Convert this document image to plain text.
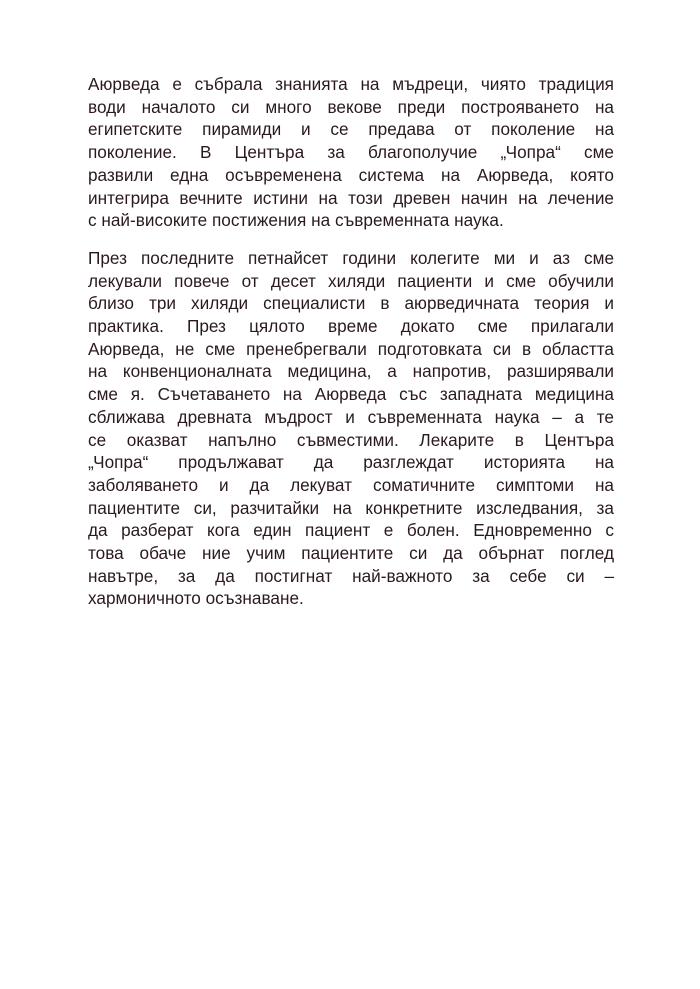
Аюрведа е събрала знанията на мъдреци, чиято традиция
води началото си много векове преди построяването на
египетските пирамиди и се предава от поколение на
поколение. В Центъра за благополучие „Чопра“ сме
развили една осъвременена система на Аюрведа, която
интегрира вечните истини на този древен начин на лечение
с най-високите постижения на съвременната наука.

През последните петнайсет години колегите ми и аз сме
лекували повече от десет хиляди пациенти и сме обучили
близо три хиляди специалисти в аюрведичната теория и
практика. През цялото време докато сме прилагали
Аюрведа, не сме пренебрегвали подготовката си в областта
на конвенционалната медицина, а напротив, разширявали
сме я. Съчетаването на Аюрведа със западната медицина
сближава древната мъдрост и съвременната наука – а те
се оказват напълно съвместими. Лекарите в Центъра
„Чопра“ продължават да разглеждат историята на
заболяването и да лекуват соматичните симптоми на
пациентите си, разчитайки на конкретните изследвания, за
да разберат кога един пациент е болен. Едновременно с
това обаче ние учим пациентите си да обърнат поглед
навътре, за да постигнат най-важното за себе си –
хармоничното осъзнаване.
